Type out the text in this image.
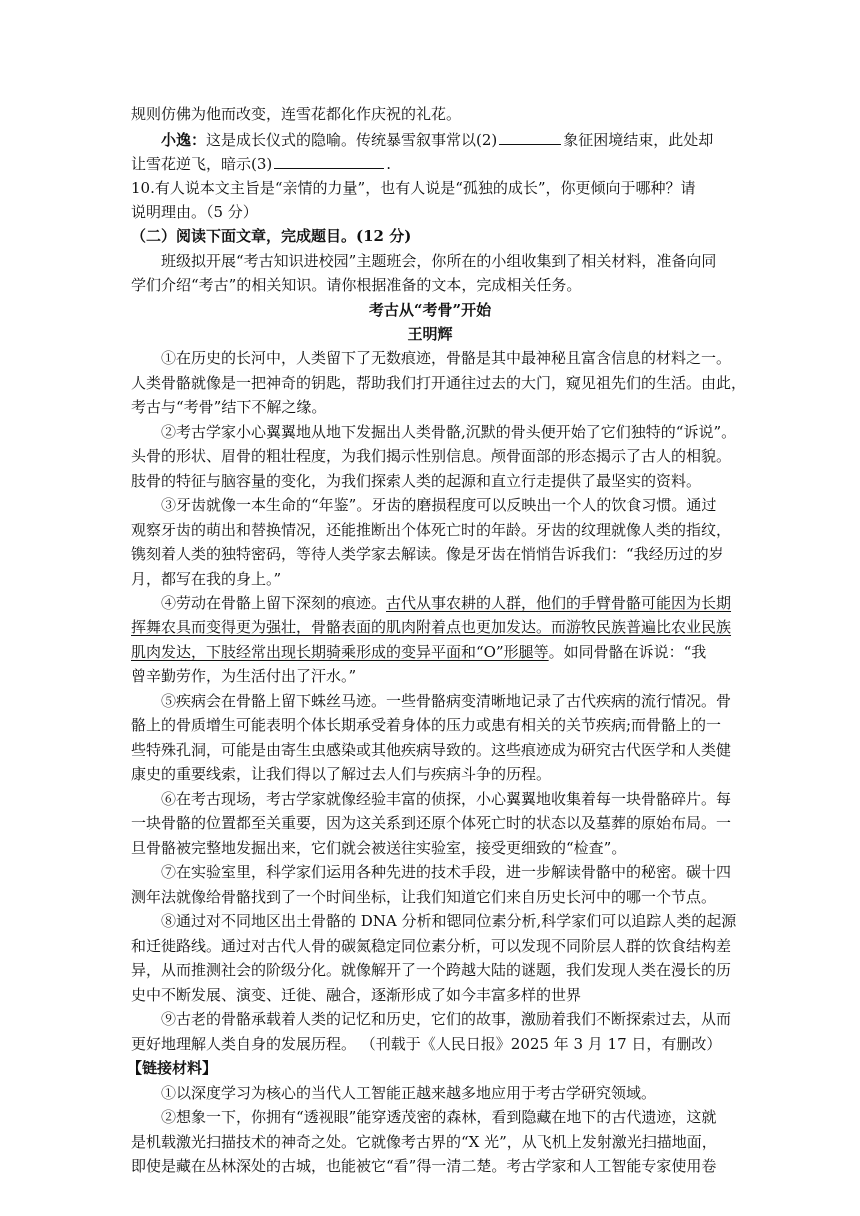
规则仿佛为他而改变，连雪花都化作庆祝的礼花。
小逸：这是成长仪式的隐喻。传统暴雪叙事常以(2)	象征困境结束，此处却
让雪花逆飞，暗示(3)	.
10.有人说本文主旨是“亲情的力量”，也有人说是“孤独的成长”，你更倾向于哪种？请
说明理由。（5 分）
（二）阅读下面文章，完成题目。(12 分)
班级拟开展“考古知识进校园”主题班会，你所在的小组收集到了相关材料，准备向同
学们介绍“考古”的相关知识。请你根据准备的文本，完成相关任务。
考古从“考骨”开始
王明辉
①在历史的长河中，人类留下了无数痕迹，骨骼是其中最神秘且富含信息的材料之一。
人类骨骼就像是一把神奇的钥匙，帮助我们打开通往过去的大门，窥见祖先们的生活。由此，
考古与“考骨”结下不解之缘。
②考古学家小心翼翼地从地下发掘出人类骨骼,沉默的骨头便开始了它们独特的“诉说”。
头骨的形状、眉骨的粗壮程度，为我们揭示性别信息。颅骨面部的形态揭示了古人的相貌。
肢骨的特征与脑容量的变化，为我们探索人类的起源和直立行走提供了最坚实的资料。
③牙齿就像一本生命的“年鉴”。牙齿的磨损程度可以反映出一个人的饮食习惯。通过
观察牙齿的萌出和替换情况，还能推断出个体死亡时的年龄。牙齿的纹理就像人类的指纹，
镌刻着人类的独特密码，等待人类学家去解读。像是牙齿在悄悄告诉我们：“我经历过的岁
月，都写在我的身上。”
④劳动在骨骼上留下深刻的痕迹。古代从事农耕的人群，他们的手臂骨骼可能因为长期
挥舞农具而变得更为强壮，骨骼表面的肌肉附着点也更加发达。而游牧民族普遍比农业民族
肌肉发达，下肢经常出现长期骑乘形成的变异平面和“O”形腿等。如同骨骼在诉说：“我
曾辛勤劳作，为生活付出了汗水。”
⑤疾病会在骨骼上留下蛛丝马迹。一些骨骼病变清晰地记录了古代疾病的流行情况。骨
骼上的骨质增生可能表明个体长期承受着身体的压力或患有相关的关节疾病;而骨骼上的一
些特殊孔洞，可能是由寄生虫感染或其他疾病导致的。这些痕迹成为研究古代医学和人类健
康史的重要线索，让我们得以了解过去人们与疾病斗争的历程。
⑥在考古现场，考古学家就像经验丰富的侦探，小心翼翼地收集着每一块骨骼碎片。每
一块骨骼的位置都至关重要，因为这关系到还原个体死亡时的状态以及墓葬的原始布局。一
旦骨骼被完整地发掘出来，它们就会被送往实验室，接受更细致的“检查”。
⑦在实验室里，科学家们运用各种先进的技术手段，进一步解读骨骼中的秘密。碳十四
测年法就像给骨骼找到了一个时间坐标，让我们知道它们来自历史长河中的哪一个节点。
⑧通过对不同地区出土骨骼的 DNA 分析和锶同位素分析,科学家们可以追踪人类的起源
和迁徙路线。通过对古代人骨的碳氮稳定同位素分析，可以发现不同阶层人群的饮食结构差
异，从而推测社会的阶级分化。就像解开了一个跨越大陆的谜题，我们发现人类在漫长的历
史中不断发展、演变、迁徙、融合，逐渐形成了如今丰富多样的世界
⑨古老的骨骼承载着人类的记忆和历史，它们的故事，激励着我们不断探索过去，从而
更好地理解人类自身的发展历程。 （刊载于《人民日报》2025 年 3 月 17 日，有删改）
【链接材料】
①以深度学习为核心的当代人工智能正越来越多地应用于考古学研究领域。
②想象一下，你拥有“透视眼”能穿透茂密的森林，看到隐藏在地下的古代遗迹，这就
是机载激光扫描技术的神奇之处。它就像考古界的“X 光”，从飞机上发射激光扫描地面，
即使是藏在丛林深处的古城，也能被它“看”得一清二楚。考古学家和人工智能专家使用卷
